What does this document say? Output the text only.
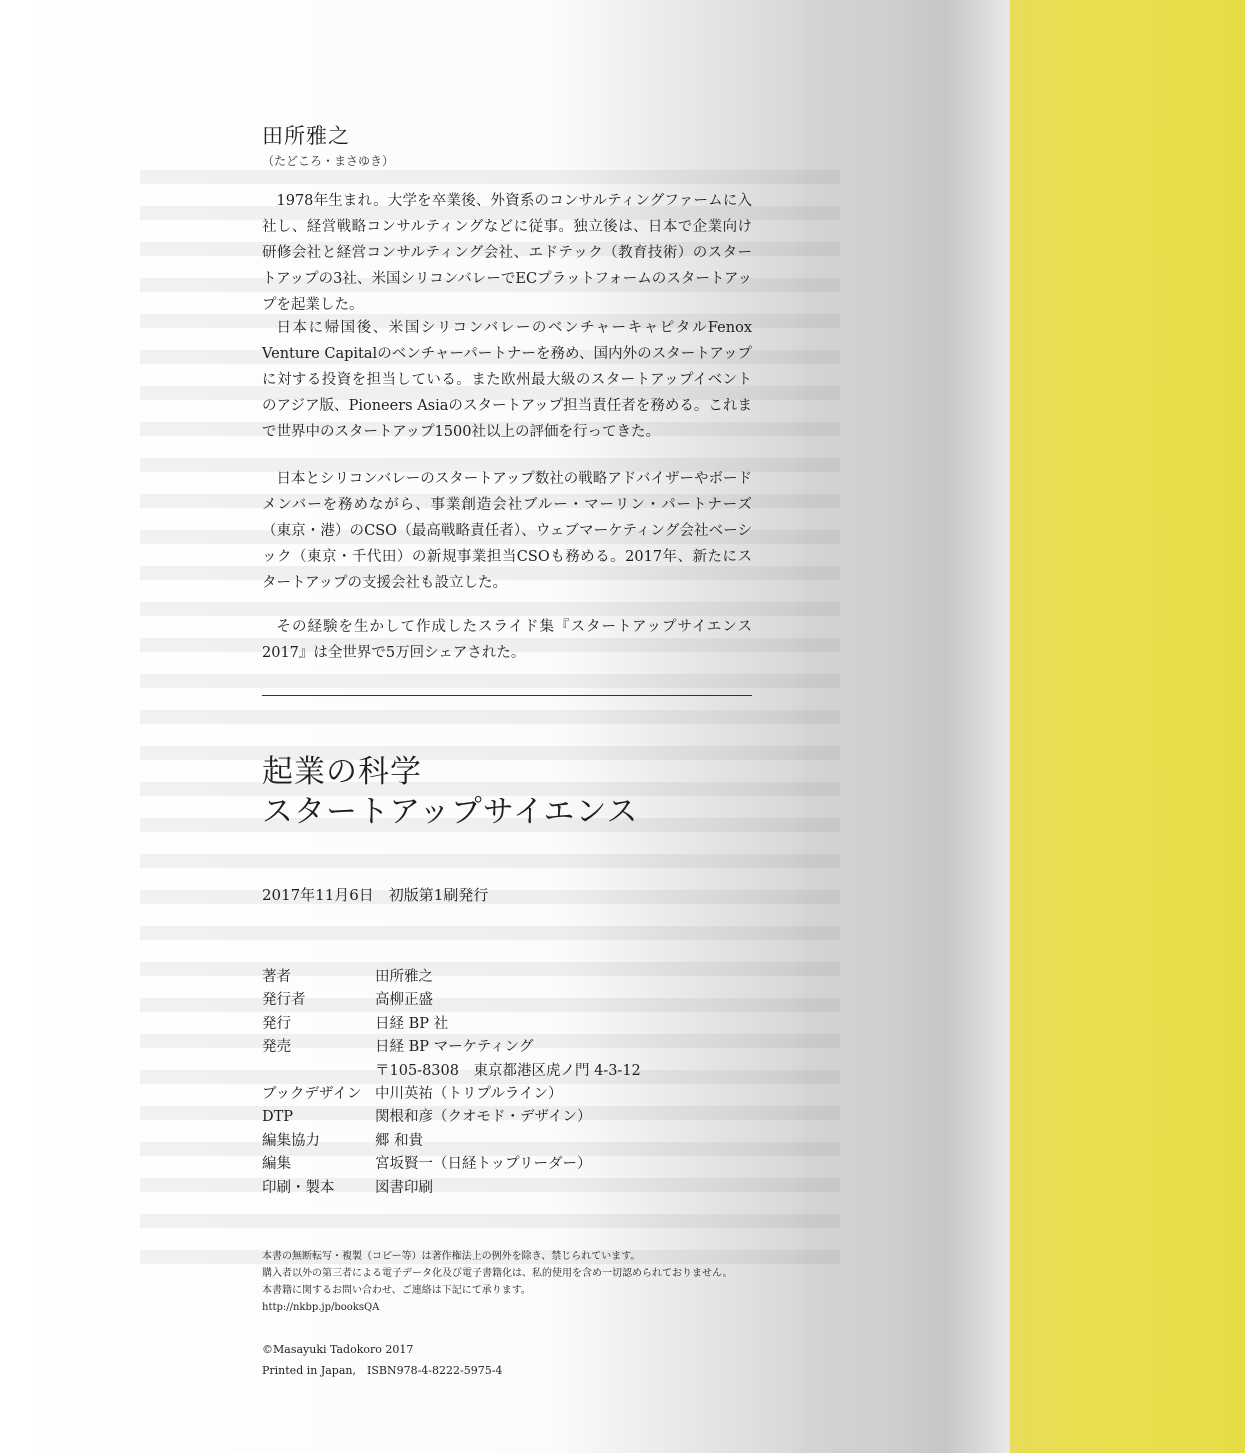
田所雅之
（たどころ・まさゆき）

1978年生まれ。大学を卒業後、外資系のコンサルティングファームに入社し、経営戦略コンサルティングなどに従事。独立後は、日本で企業向け研修会社と経営コンサルティング会社、エドテック（教育技術）のスタートアップの3社、米国シリコンバレーでECプラットフォームのスタートアップを起業した。

日本に帰国後、米国シリコンバレーのベンチャーキャピタルFenox Venture Capitalのベンチャーパートナーを務め、国内外のスタートアップに対する投資を担当している。また欧州最大級のスタートアップイベントのアジア版、Pioneers Asiaのスタートアップ担当責任者を務める。これまで世界中のスタートアップ1500社以上の評価を行ってきた。

日本とシリコンバレーのスタートアップ数社の戦略アドバイザーやボードメンバーを務めながら、事業創造会社ブルー・マーリン・パートナーズ（東京・港）のCSO（最高戦略責任者）、ウェブマーケティング会社ベーシック（東京・千代田）の新規事業担当CSOも務める。2017年、新たにスタートアップの支援会社も設立した。

その経験を生かして作成したスライド集『スタートアップサイエンス2017』は全世界で5万回シェアされた。

起業の科学
スタートアップサイエンス
2017年11月6日　初版第1刷発行
著者	田所雅之
発行者	高柳正盛
発行	日経 BP 社
発売	日経 BP マーケティング
〒105-8308　東京都港区虎ノ門 4-3-12
ブックデザイン 中川英祐（トリプルライン）
DTP	関根和彦（クオモド・デザイン）
編集協力	郷 和貴
編集	宮坂賢一（日経トップリーダー）
印刷・製本	図書印刷
本書の無断転写・複製（コピー等）は著作権法上の例外を除き、禁じられています。
購入者以外の第三者による電子データ化及び電子書籍化は、私的使用を含め一切認められておりません。
本書籍に関するお問い合わせ、ご連絡は下記にて承ります。
http://nkbp.jp/booksQA
©Masayuki Tadokoro 2017
Printed in Japan,　ISBN978-4-8222-5975-4
